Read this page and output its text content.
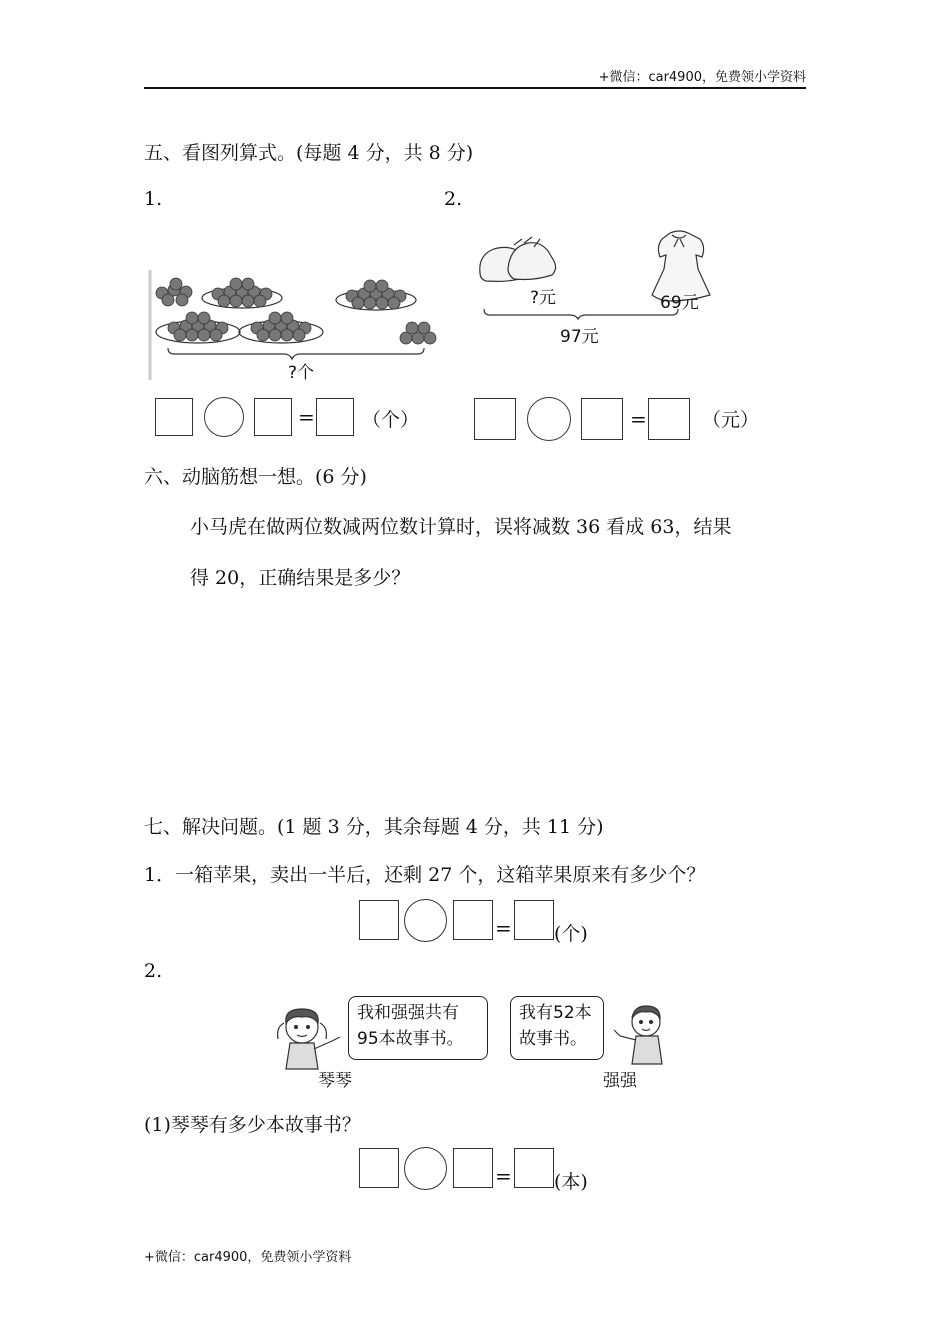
+微信：car4900，免费领小学资料
五、看图列算式。(每题 4 分，共 8 分)
1.	2.
?个
= （个）
?元	69元
97元
=	（元）
六、动脑筋想一想。(6 分)
小马虎在做两位数减两位数计算时，误将减数 36 看成 63，结果
得 20，正确结果是多少？
七、解决问题。(1 题 3 分，其余每题 4 分，共 11 分)
1．一箱苹果，卖出一半后，还剩 27 个，这箱苹果原来有多少个？
= (个)
2.
琴琴
我和强强共有
95本故事书。
我有52本
故事书。
强强
(1)琴琴有多少本故事书？
= (本)
+微信：car4900，免费领小学资料
